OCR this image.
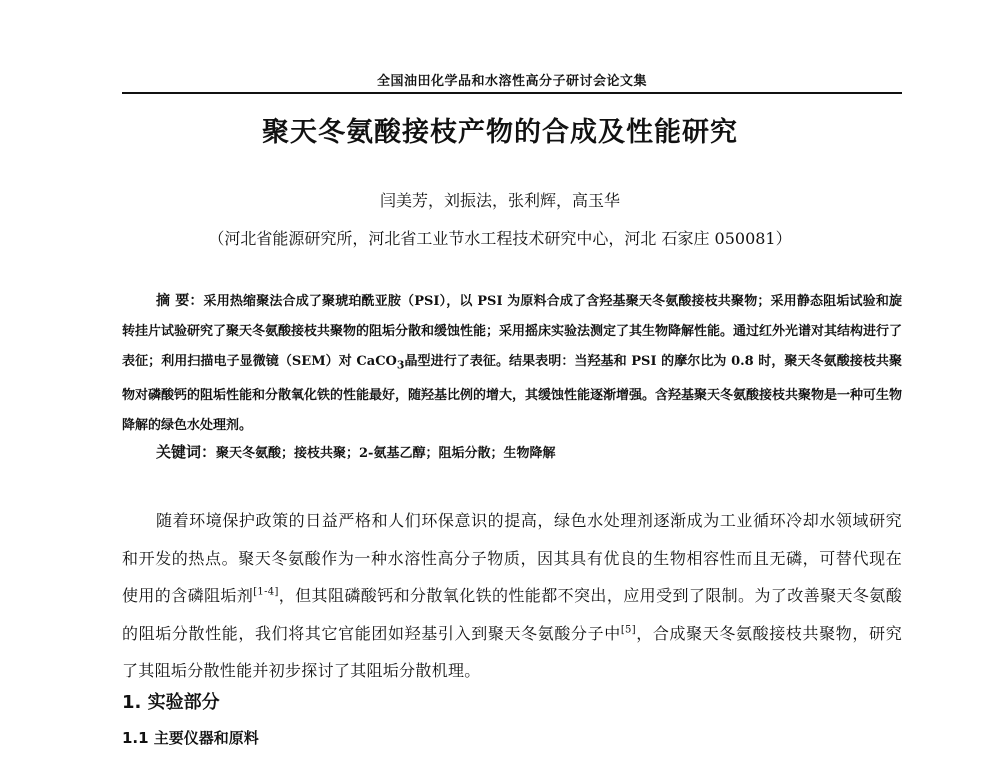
全国油田化学品和水溶性高分子研讨会论文集
聚天冬氨酸接枝产物的合成及性能研究
闫美芳，刘振法，张利辉，高玉华
（河北省能源研究所，河北省工业节水工程技术研究中心，河北 石家庄 050081）
摘 要：采用热缩聚法合成了聚琥珀酰亚胺（PSI），以 PSI 为原料合成了含羟基聚天冬氨酸接枝共聚物；采用静态阻垢试验和旋转挂片试验研究了聚天冬氨酸接枝共聚物的阻垢分散和缓蚀性能；采用摇床实验法测定了其生物降解性能。通过红外光谱对其结构进行了表征；利用扫描电子显微镜（SEM）对 CaCO$_3$晶型进行了表征。结果表明：当羟基和 PSI 的摩尔比为 0.8 时，聚天冬氨酸接枝共聚物对磷酸钙的阻垢性能和分散氧化铁的性能最好，随羟基比例的增大，其缓蚀性能逐渐增强。含羟基聚天冬氨酸接枝共聚物是一种可生物降解的绿色水处理剂。
关键词：聚天冬氨酸；接枝共聚；2-氨基乙醇；阻垢分散；生物降解
随着环境保护政策的日益严格和人们环保意识的提高，绿色水处理剂逐渐成为工业循环冷却水领域研究和开发的热点。聚天冬氨酸作为一种水溶性高分子物质，因其具有优良的生物相容性而且无磷，可替代现在使用的含磷阻垢剂[1-4]，但其阻磷酸钙和分散氧化铁的性能都不突出，应用受到了限制。为了改善聚天冬氨酸的阻垢分散性能，我们将其它官能团如羟基引入到聚天冬氨酸分子中[5]，合成聚天冬氨酸接枝共聚物，研究了其阻垢分散性能并初步探讨了其阻垢分散机理。
1. 实验部分
1.1 主要仪器和原料
